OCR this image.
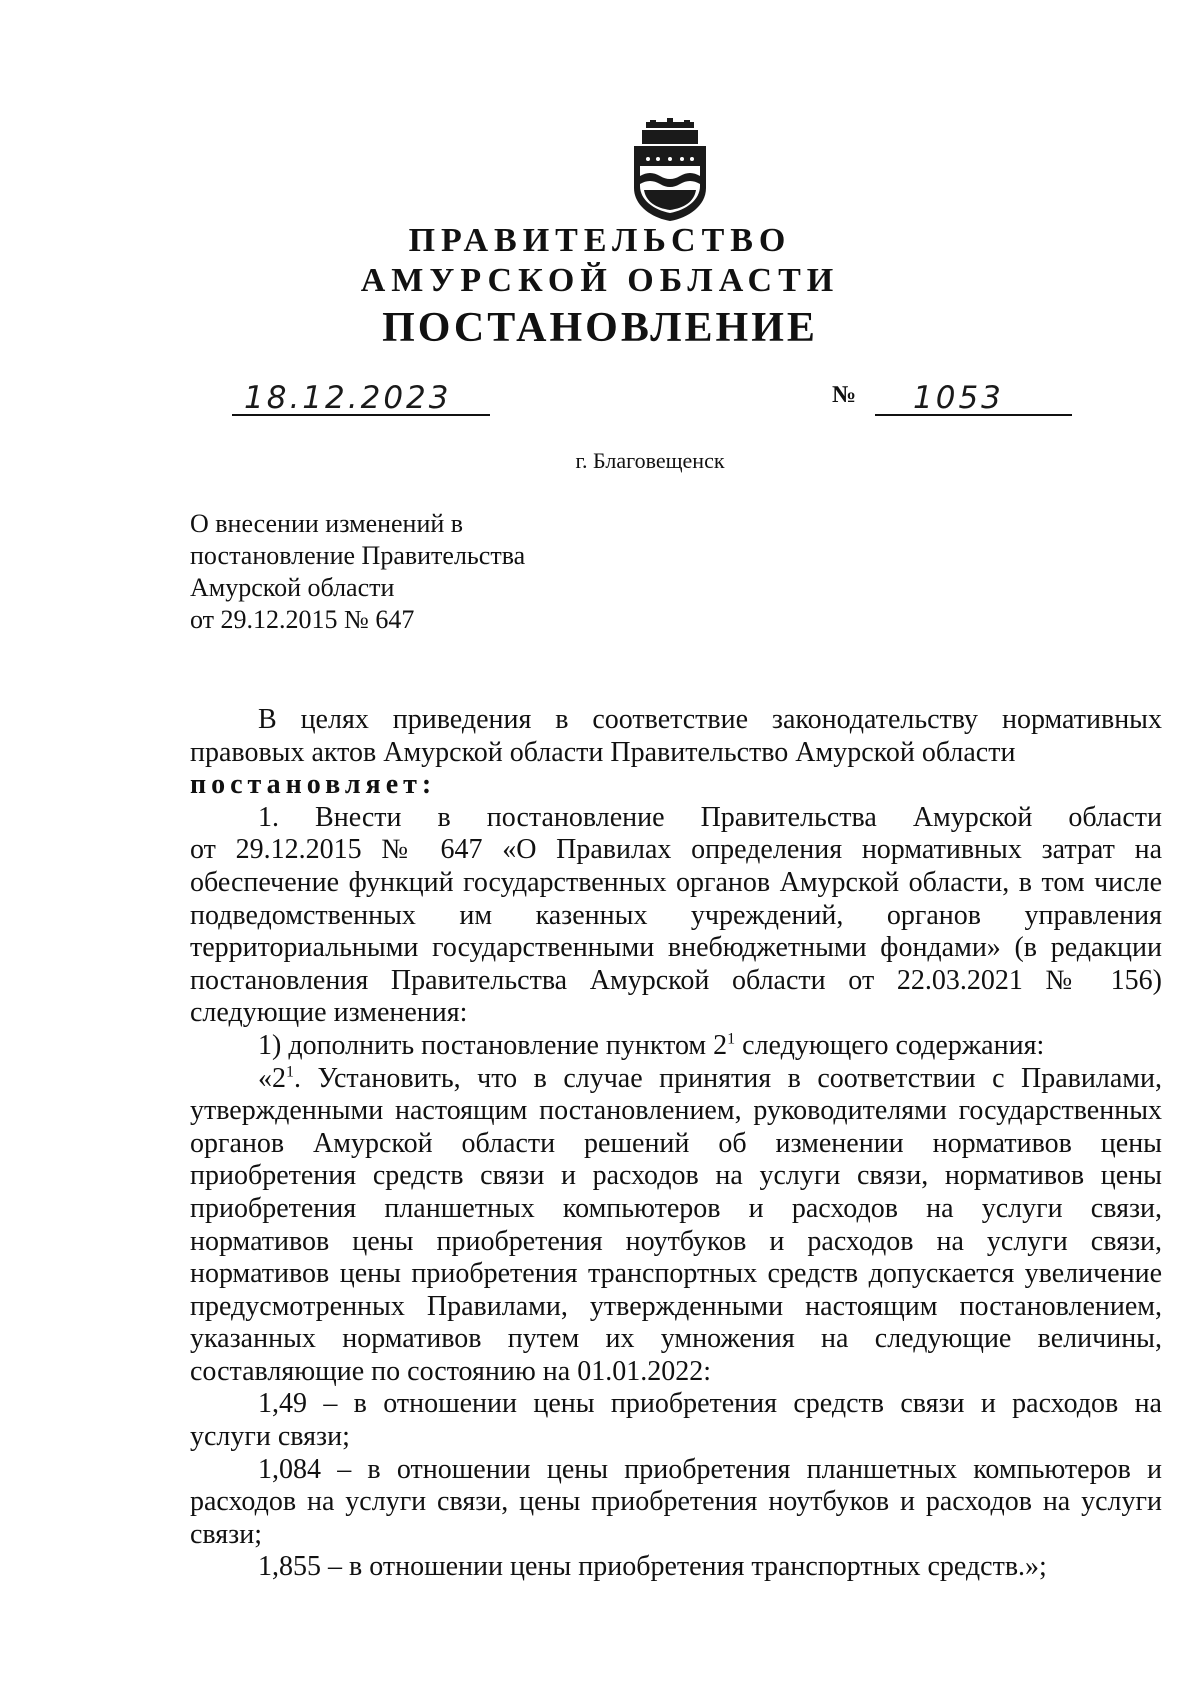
ПРАВИТЕЛЬСТВО
АМУРСКОЙ ОБЛАСТИ
ПОСТАНОВЛЕНИЕ
18.12.2023	№ 1053
г. Благовещенск
О внесении изменений в
постановление Правительства
Амурской области
от 29.12.2015 № 647
В целях приведения в соответствие законодательству нормативных
правовых актов Амурской области Правительство Амурской области
постановляет:
1. Внести в постановление Правительства Амурской области
от 29.12.2015 № 647 «О Правилах определения нормативных затрат на
обеспечение функций государственных органов Амурской области, в том числе
подведомственных им казенных учреждений, органов управления
территориальными государственными внебюджетными фондами» (в редакции
постановления Правительства Амурской области от 22.03.2021 № 156)
следующие изменения:
1) дополнить постановление пунктом $2^1$ следующего содержания:
«$2^1$. Установить, что в случае принятия в соответствии с Правилами,
утвержденными настоящим постановлением, руководителями государственных
органов Амурской области решений об изменении нормативов цены
приобретения средств связи и расходов на услуги связи, нормативов цены
приобретения планшетных компьютеров и расходов на услуги связи,
нормативов цены приобретения ноутбуков и расходов на услуги связи,
нормативов цены приобретения транспортных средств допускается увеличение
предусмотренных Правилами, утвержденными настоящим постановлением,
указанных нормативов путем их умножения на следующие величины,
составляющие по состоянию на 01.01.2022:
1,49 – в отношении цены приобретения средств связи и расходов на
услуги связи;
1,084 – в отношении цены приобретения планшетных компьютеров и
расходов на услуги связи, цены приобретения ноутбуков и расходов на услуги
связи;
1,855 – в отношении цены приобретения транспортных средств.»;
